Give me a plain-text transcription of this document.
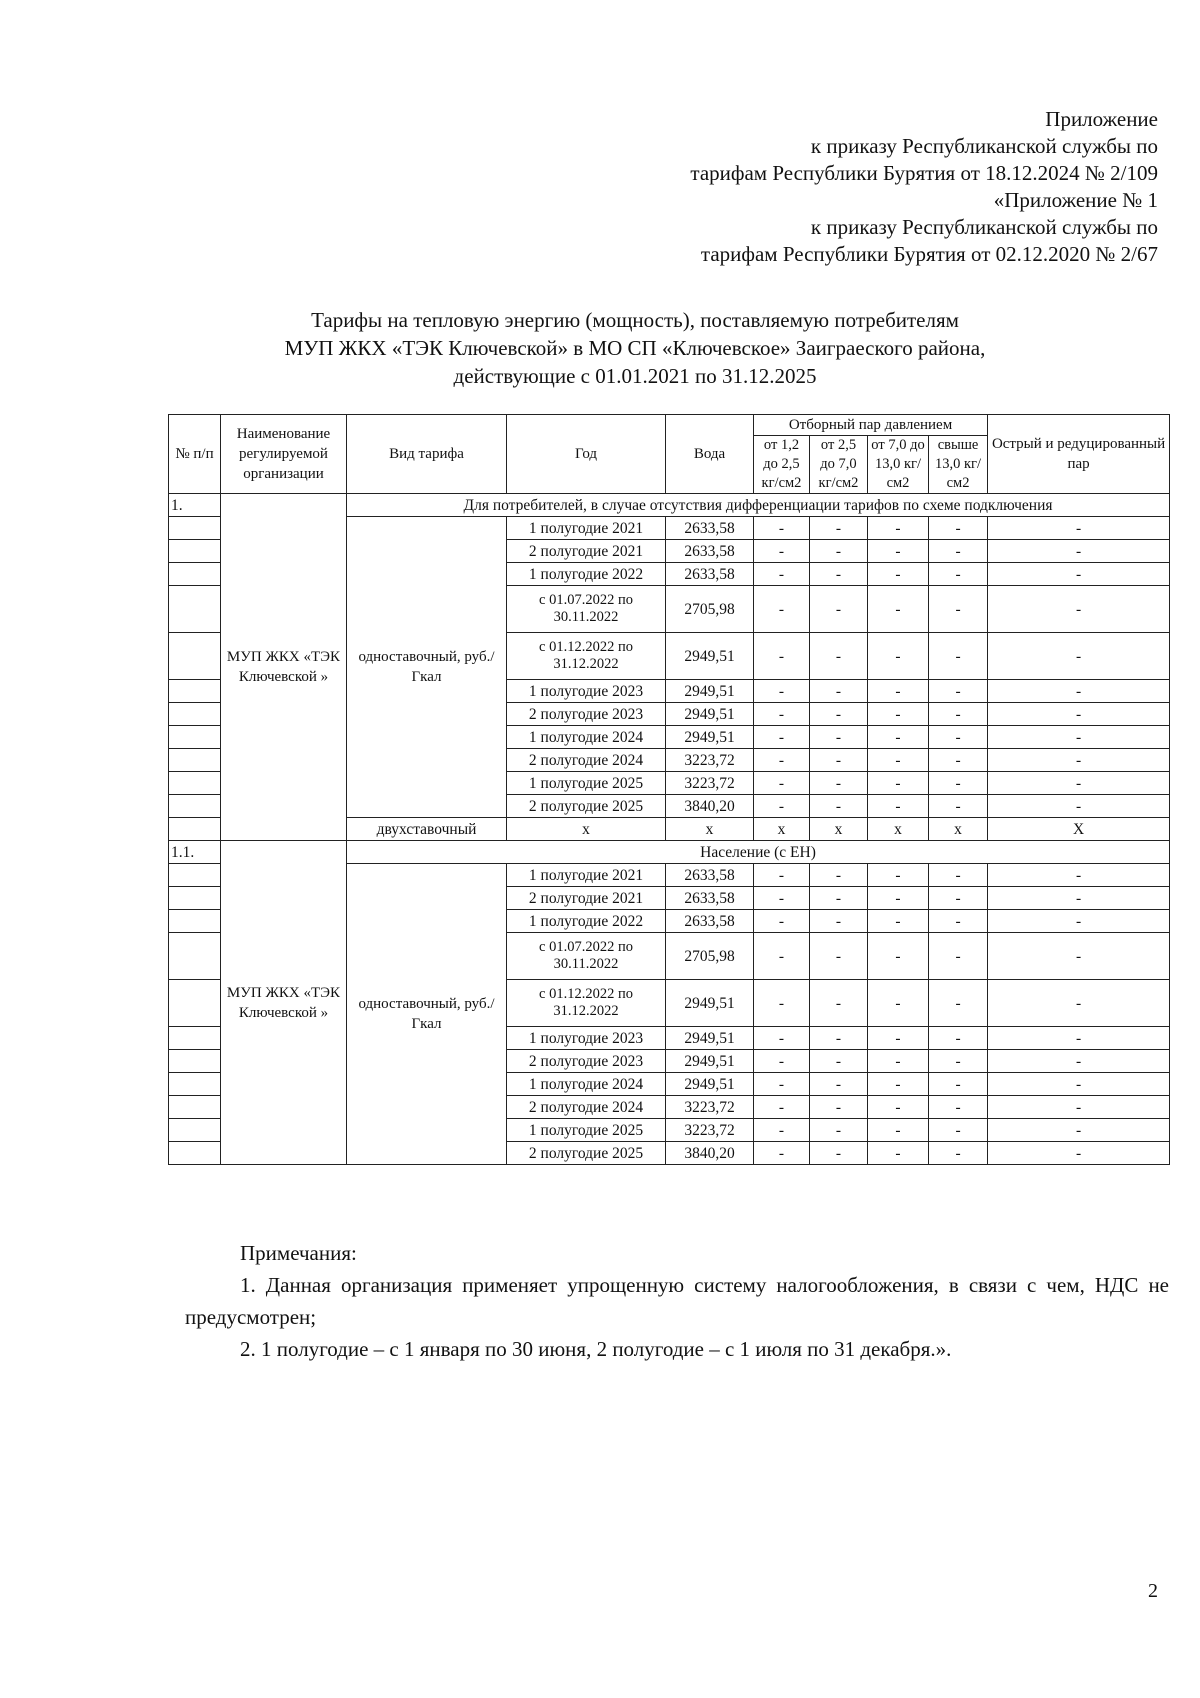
Приложение
к приказу Республиканской службы по
тарифам Республики Бурятия от 18.12.2024 № 2/109
«Приложение № 1
к приказу Республиканской службы по
тарифам Республики Бурятия от 02.12.2020 № 2/67
Тарифы на тепловую энергию (мощность), поставляемую потребителям
МУП ЖКХ «ТЭК Ключевской» в МО СП «Ключевское» Заиграеского района,
действующие с 01.01.2021 по 31.12.2025
№ п/п	Наименование регулируемой организации	Вид тарифа	Год	Вода	Отборный пар давлением				Острый и редуцированный пар
					от 1,2 до 2,5 кг/см2	от 2,5 до 7,0 кг/см2	от 7,0 до 13,0 кг/см2	свыше 13,0 кг/см2	

1.	МУП ЖКХ «ТЭК Ключевской »	Для потребителей, в случае отсутствия дифференциации тарифов по схеме подключения							
		одноставочный, руб./Гкал	1 полугодие 2021	2633,58	-	-	-	-	-
			2 полугодие 2021	2633,58	-	-	-	-	-
			1 полугодие 2022	2633,58	-	-	-	-	-
			с 01.07.2022 по 30.11.2022	2705,98	-	-	-	-	-
			с 01.12.2022 по 31.12.2022	2949,51	-	-	-	-	-
			1 полугодие 2023	2949,51	-	-	-	-	-
			2 полугодие 2023	2949,51	-	-	-	-	-
			1 полугодие 2024	2949,51	-	-	-	-	-
			2 полугодие 2024	3223,72	-	-	-	-	-
			1 полугодие 2025	3223,72	-	-	-	-	-
			2 полугодие 2025	3840,20	-	-	-	-	-
		двухставочный	х	х	х	х	х	х	Х
1.1.	МУП ЖКХ «ТЭК Ключевской »	Население (с ЕН)							
		одноставочный, руб./Гкал	1 полугодие 2021	2633,58	-	-	-	-	-
			2 полугодие 2021	2633,58	-	-	-	-	-
			1 полугодие 2022	2633,58	-	-	-	-	-
			с 01.07.2022 по 30.11.2022	2705,98	-	-	-	-	-
			с 01.12.2022 по 31.12.2022	2949,51	-	-	-	-	-
			1 полугодие 2023	2949,51	-	-	-	-	-
			2 полугодие 2023	2949,51	-	-	-	-	-
			1 полугодие 2024	2949,51	-	-	-	-	-
			2 полугодие 2024	3223,72	-	-	-	-	-
			1 полугодие 2025	3223,72	-	-	-	-	-
			2 полугодие 2025	3840,20	-	-	-	-	-
Примечания:
1. Данная организация применяет упрощенную систему налогообложения, в связи с чем, НДС не предусмотрен;
2. 1 полугодие – с 1 января по 30 июня, 2 полугодие – с 1 июля по 31 декабря.».
2
